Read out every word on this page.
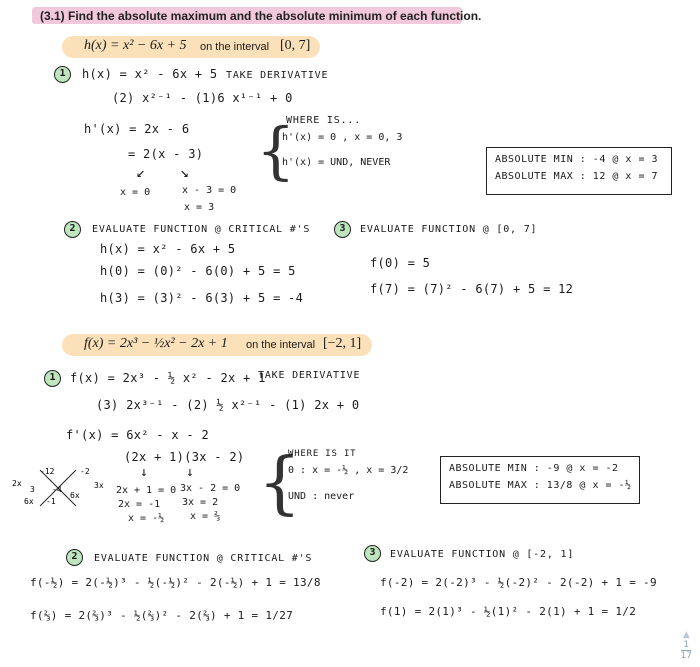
(3.1) Find the absolute maximum and the absolute minimum of each function.
h(x) = x² − 6x + 5 on the interval [0, 7]
1	h(x) = x² - 6x + 5 TAKE DERIVATIVE
(2) x²⁻¹ - (1)6 x¹⁻¹ + 0
h'(x) = 2x - 6
= 2(x - 3)
↙ ↘
x = 0	x - 3 = 0
x = 3
{
WHERE IS...
h'(x) = 0 , x = 0, 3
h'(x) = UND, NEVER	ABSOLUTE MIN : -4 @ x = 3
ABSOLUTE MAX : 12 @ x = 7
2	EVALUATE FUNCTION @ CRITICAL #'S
h(x) = x² - 6x + 5
h(0) = (0)² - 6(0) + 5 = 5
h(3) = (3)² - 6(3) + 5 = -4
3	EVALUATE FUNCTION @ [0, 7]
f(0) = 5
f(7) = (7)² - 6(7) + 5 = 12
f(x) = 2x³ − ½x² − 2x + 1 on the interval [−2, 1]
1	f(x) = 2x³ - ½ x² - 2x + 1
TAKE DERIVATIVE
(3) 2x³⁻¹ - (2) ½ x²⁻¹ - (1) 2x + 0
f'(x) = 6x² - x - 2
(2x + 1)(3x - 2)
↓	↓
2x + 1 = 0
2x = -1
x = -½
3x - 2 = 0
3x = 2
x = ⅔
2x
-12	-2
3 -4	3x
6x -1
6x	{
WHERE IS IT
0 : x = -½ , x = 3/2
UND : never
ABSOLUTE MIN : -9 @ x = -2
ABSOLUTE MAX : 13/8 @ x = -½
2	EVALUATE FUNCTION @ CRITICAL #'S
f(-½) = 2(-½)³ - ½(-½)² - 2(-½) + 1 = 13/8
f(⅔) = 2(⅔)³ - ½(⅔)² - 2(⅔) + 1 = 1/27
3	EVALUATE FUNCTION @ [-2, 1]
f(-2) = 2(-2)³ - ½(-2)² - 2(-2) + 1 = -9
f(1) = 2(1)³ - ½(1)² - 2(1) + 1 = 1/2
▲
1
17
